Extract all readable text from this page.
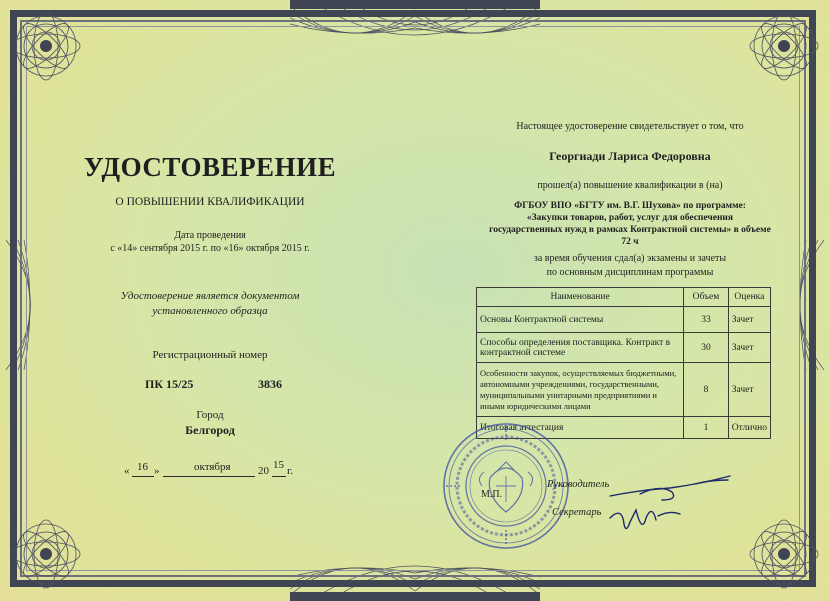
УДОСТОВЕРЕНИЕ
О ПОВЫШЕНИИ КВАЛИФИКАЦИИ
Дата проведения
с «14» сентября 2015 г. по «16» октября 2015 г.
Удостоверение является документом
установленного образца
Регистрационный номер
ПК 15/25	3836
Город
Белгород
« 16 »	октября 20 15 г.
Настоящее удостоверение свидетельствует о том, что
Георгиади Лариса Федоровна
прошел(а) повышение квалификации в (на)
ФГБОУ ВПО «БГТУ им. В.Г. Шухова» по программе:
«Закупки товаров, работ, услуг для обеспечения
государственных нужд в рамках Контрактной системы» в объеме
72 ч
за время обучения сдал(а) экзамены и зачеты
по основным дисциплинам программы
Наименование	Объем	Оценка
Основы Контрактной системы	33	Зачет
Способы определения поставщика. Контракт в контрактной системе	30	Зачет
Особенности закупок, осуществляемых бюджетными, автономными учреждениями, государственными, муниципальными унитарными предприятиями и иными юридическими лицами	8	Зачет
Итоговая аттестация	1	Отлично
М.П.
Руководитель
Секретарь
